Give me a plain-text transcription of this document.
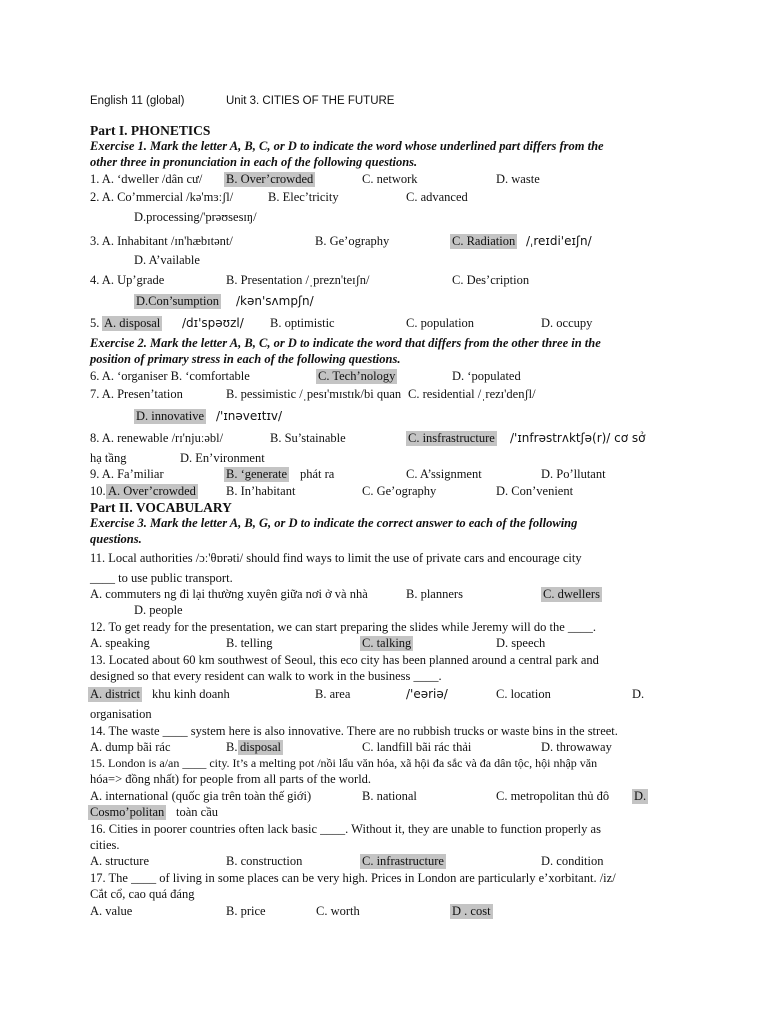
English 11 (global)	Unit 3. CITIES OF THE FUTURE
Part I. PHONETICS
Exercise 1. Mark the letter A, B, C, or D to indicate the word whose underlined part differs from the
other three in pronunciation in each of the following questions.
1. A. ‘dweller /dân cư/ B. Over’crowded	C. network	D. waste
2. A. Co’mmercial /kə'mɜːʃl/	B. Elec’tricity	C. advanced
D.processing/'prəʊsesɪŋ/
3. A. Inhabitant /ɪn'hæbɪtənt/	B. Ge’ography	C. Radiation /ˌreɪdi'eɪʃn/
D. A’vailable
4. A. Up’grade	B. Presentation /ˌprezn'teɪʃn/	C. Des’cription
D.Con’sumption /kən'sʌmpʃn/
5. A. disposal /dɪ'spəʊzl/ B. optimistic	C. population	D. occupy
Exercise 2. Mark the letter A, B, C, or D to indicate the word that differs from the other three in the
position of primary stress in each of the following questions.
6. A. ‘organiser B. ‘comfortable	C. Tech’nology	D. ‘populated
7. A. Presen’tation	B. pessimistic /ˌpesɪ'mɪstɪk/bi quan C. residential /ˌrezɪ'denʃl/
D. innovative /'ɪnəveɪtɪv/
8. A. renewable /rɪ'njuːəbl/	B. Su’stainable	C. insfrastructure /'ɪnfrəstrʌktʃə(r)/ cơ sở
hạ tầng	D. En’vironment
9. A. Fa’miliar	B. ‘generate phát ra	C. A’ssignment	D. Po’llutant
10. A. Over’crowded B. In’habitant	C. Ge’ography	D. Con’venient
Part II. VOCABULARY
Exercise 3. Mark the letter A, B, G, or D to indicate the correct answer to each of the following
questions.
11. Local authorities /ɔː'θɒrəti/ should find ways to limit the use of private cars and encourage city
____ to use public transport.
A. commuters ng đi lại thường xuyên giữa nơi ở và nhà	B. planners	C. dwellers
D. people
12. To get ready for the presentation, we can start preparing the slides while Jeremy will do the ____.
A. speaking	B. telling	C. talking	D. speech
13. Located about 60 km southwest of Seoul, this eco city has been planned around a central park and
designed so that every resident can walk to work in the business ____.
A. district khu kinh doanh	B. area	/'eəriə/	C. location	D.
organisation
14. The waste ____ system here is also innovative. There are no rubbish trucks or waste bins in the street.
A. dump bãi rác	B. disposal	C. landfill bãi rác thải	D. throwaway
15. London is a/an ____ city. It’s a melting pot /nồi lẩu văn hóa, xã hội đa sắc và đa dân tộc, hội nhập văn
hóa=> đồng nhất) for people from all parts of the world.
A. international (quốc gia trên toàn thế giới)	B. national	C. metropolitan thủ đô D.
Cosmo’politan toàn cầu
16. Cities in poorer countries often lack basic ____. Without it, they are unable to function properly as
cities.
A. structure	B. construction	C. infrastructure	D. condition
17. The ____ of living in some places can be very high. Prices in London are particularly e’xorbitant. /iz/
Cắt cổ, cao quá đáng
A. value	B. price	C. worth	D . cost
